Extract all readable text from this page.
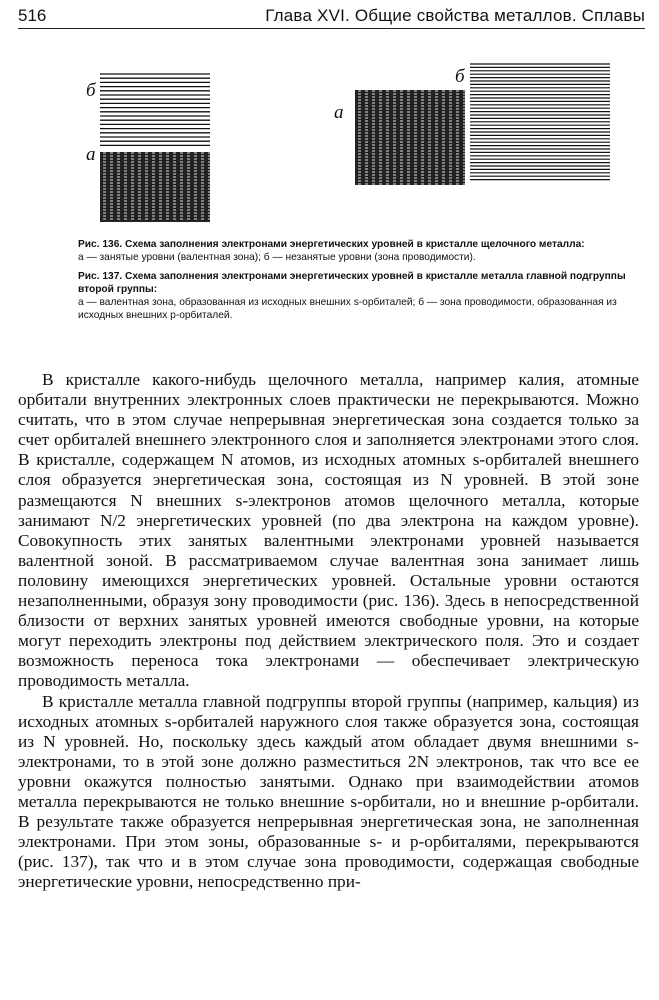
516	Глава XVI. Общие свойства металлов. Сплавы
б
а
а
б
Рис. 136. Схема заполнения электронами энергетических уровней в кристалле щелочного металла:
а — занятые уровни (валентная зона); б — незанятые уровни (зона проводимости).
Рис. 137. Схема заполнения электронами энергетических уровней в кристалле металла главной подгруппы второй группы:
а — валентная зона, образованная из исходных внешних s-орбиталей; б — зона проводимости, образованная из исходных внешних p-орбиталей.

В кристалле какого-нибудь щелочного металла, например калия, атомные орбитали внутренних электронных слоев практически не перекрываются. Можно считать, что в этом случае непрерывная энергетическая зона создается только за счет орбиталей внешнего электронного слоя и заполняется электронами этого слоя. В кристалле, содержащем N атомов, из исходных атомных s-орбиталей внешнего слоя образуется энергетическая зона, состоящая из N уровней. В этой зоне размещаются N внешних s-электронов атомов щелочного металла, которые занимают N/2 энергетических уровней (по два электрона на каждом уровне). Совокупность этих занятых валентными электронами уровней называется валентной зоной. В рассматриваемом случае валентная зона занимает лишь половину имеющихся энергетических уровней. Остальные уровни остаются незаполненными, образуя зону проводимости (рис. 136). Здесь в непосредственной близости от верхних занятых уровней имеются свободные уровни, на которые могут переходить электроны под действием электрического поля. Это и создает возможность переноса тока электронами — обеспечивает электрическую проводимость металла.

В кристалле металла главной подгруппы второй группы (например, кальция) из исходных атомных s-орбиталей наружного слоя также образуется зона, состоящая из N уровней. Но, поскольку здесь каждый атом обладает двумя внешними s-электронами, то в этой зоне должно разместиться 2N электронов, так что все ее уровни окажутся полностью занятыми. Однако при взаимодействии атомов металла перекрываются не только внешние s-орбитали, но и внешние p-орбитали. В результате также образуется непрерывная энергетическая зона, не заполненная электронами. При этом зоны, образованные s- и p-орбиталями, перекрываются (рис. 137), так что и в этом случае зона проводимости, содержащая свободные энергетические уровни, непосредственно при-
